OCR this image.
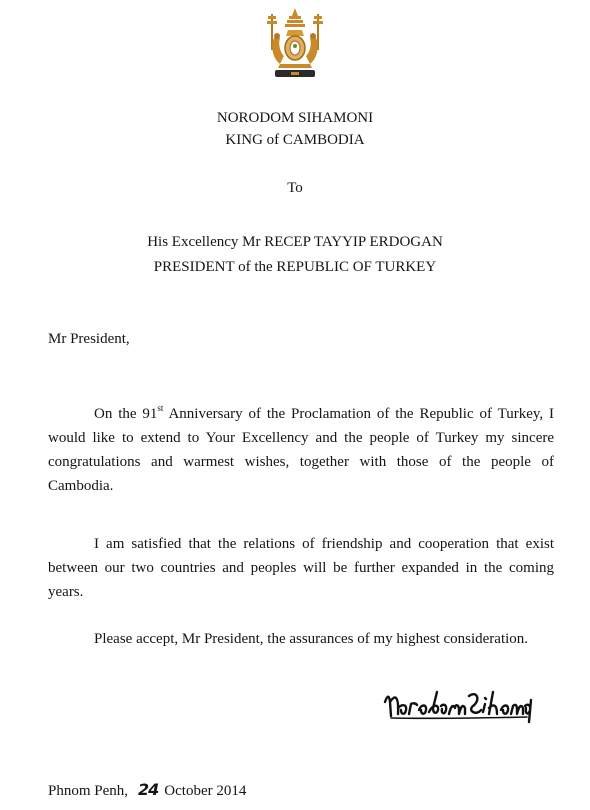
NORODOM SIHAMONI
KING of CAMBODIA
To
His Excellency Mr RECEP TAYYIP ERDOGAN
PRESIDENT of the REPUBLIC OF TURKEY
Mr President,

On the 91st Anniversary of the Proclamation of the Republic of Turkey, I would like to extend to Your Excellency and the people of Turkey my sincere congratulations and warmest wishes, together with those of the people of Cambodia.

I am satisfied that the relations of friendship and cooperation that exist between our two countries and peoples will be further expanded in the coming years.

Please accept, Mr President, the assurances of my highest consideration.

Phnom Penh, 24 October 2014
